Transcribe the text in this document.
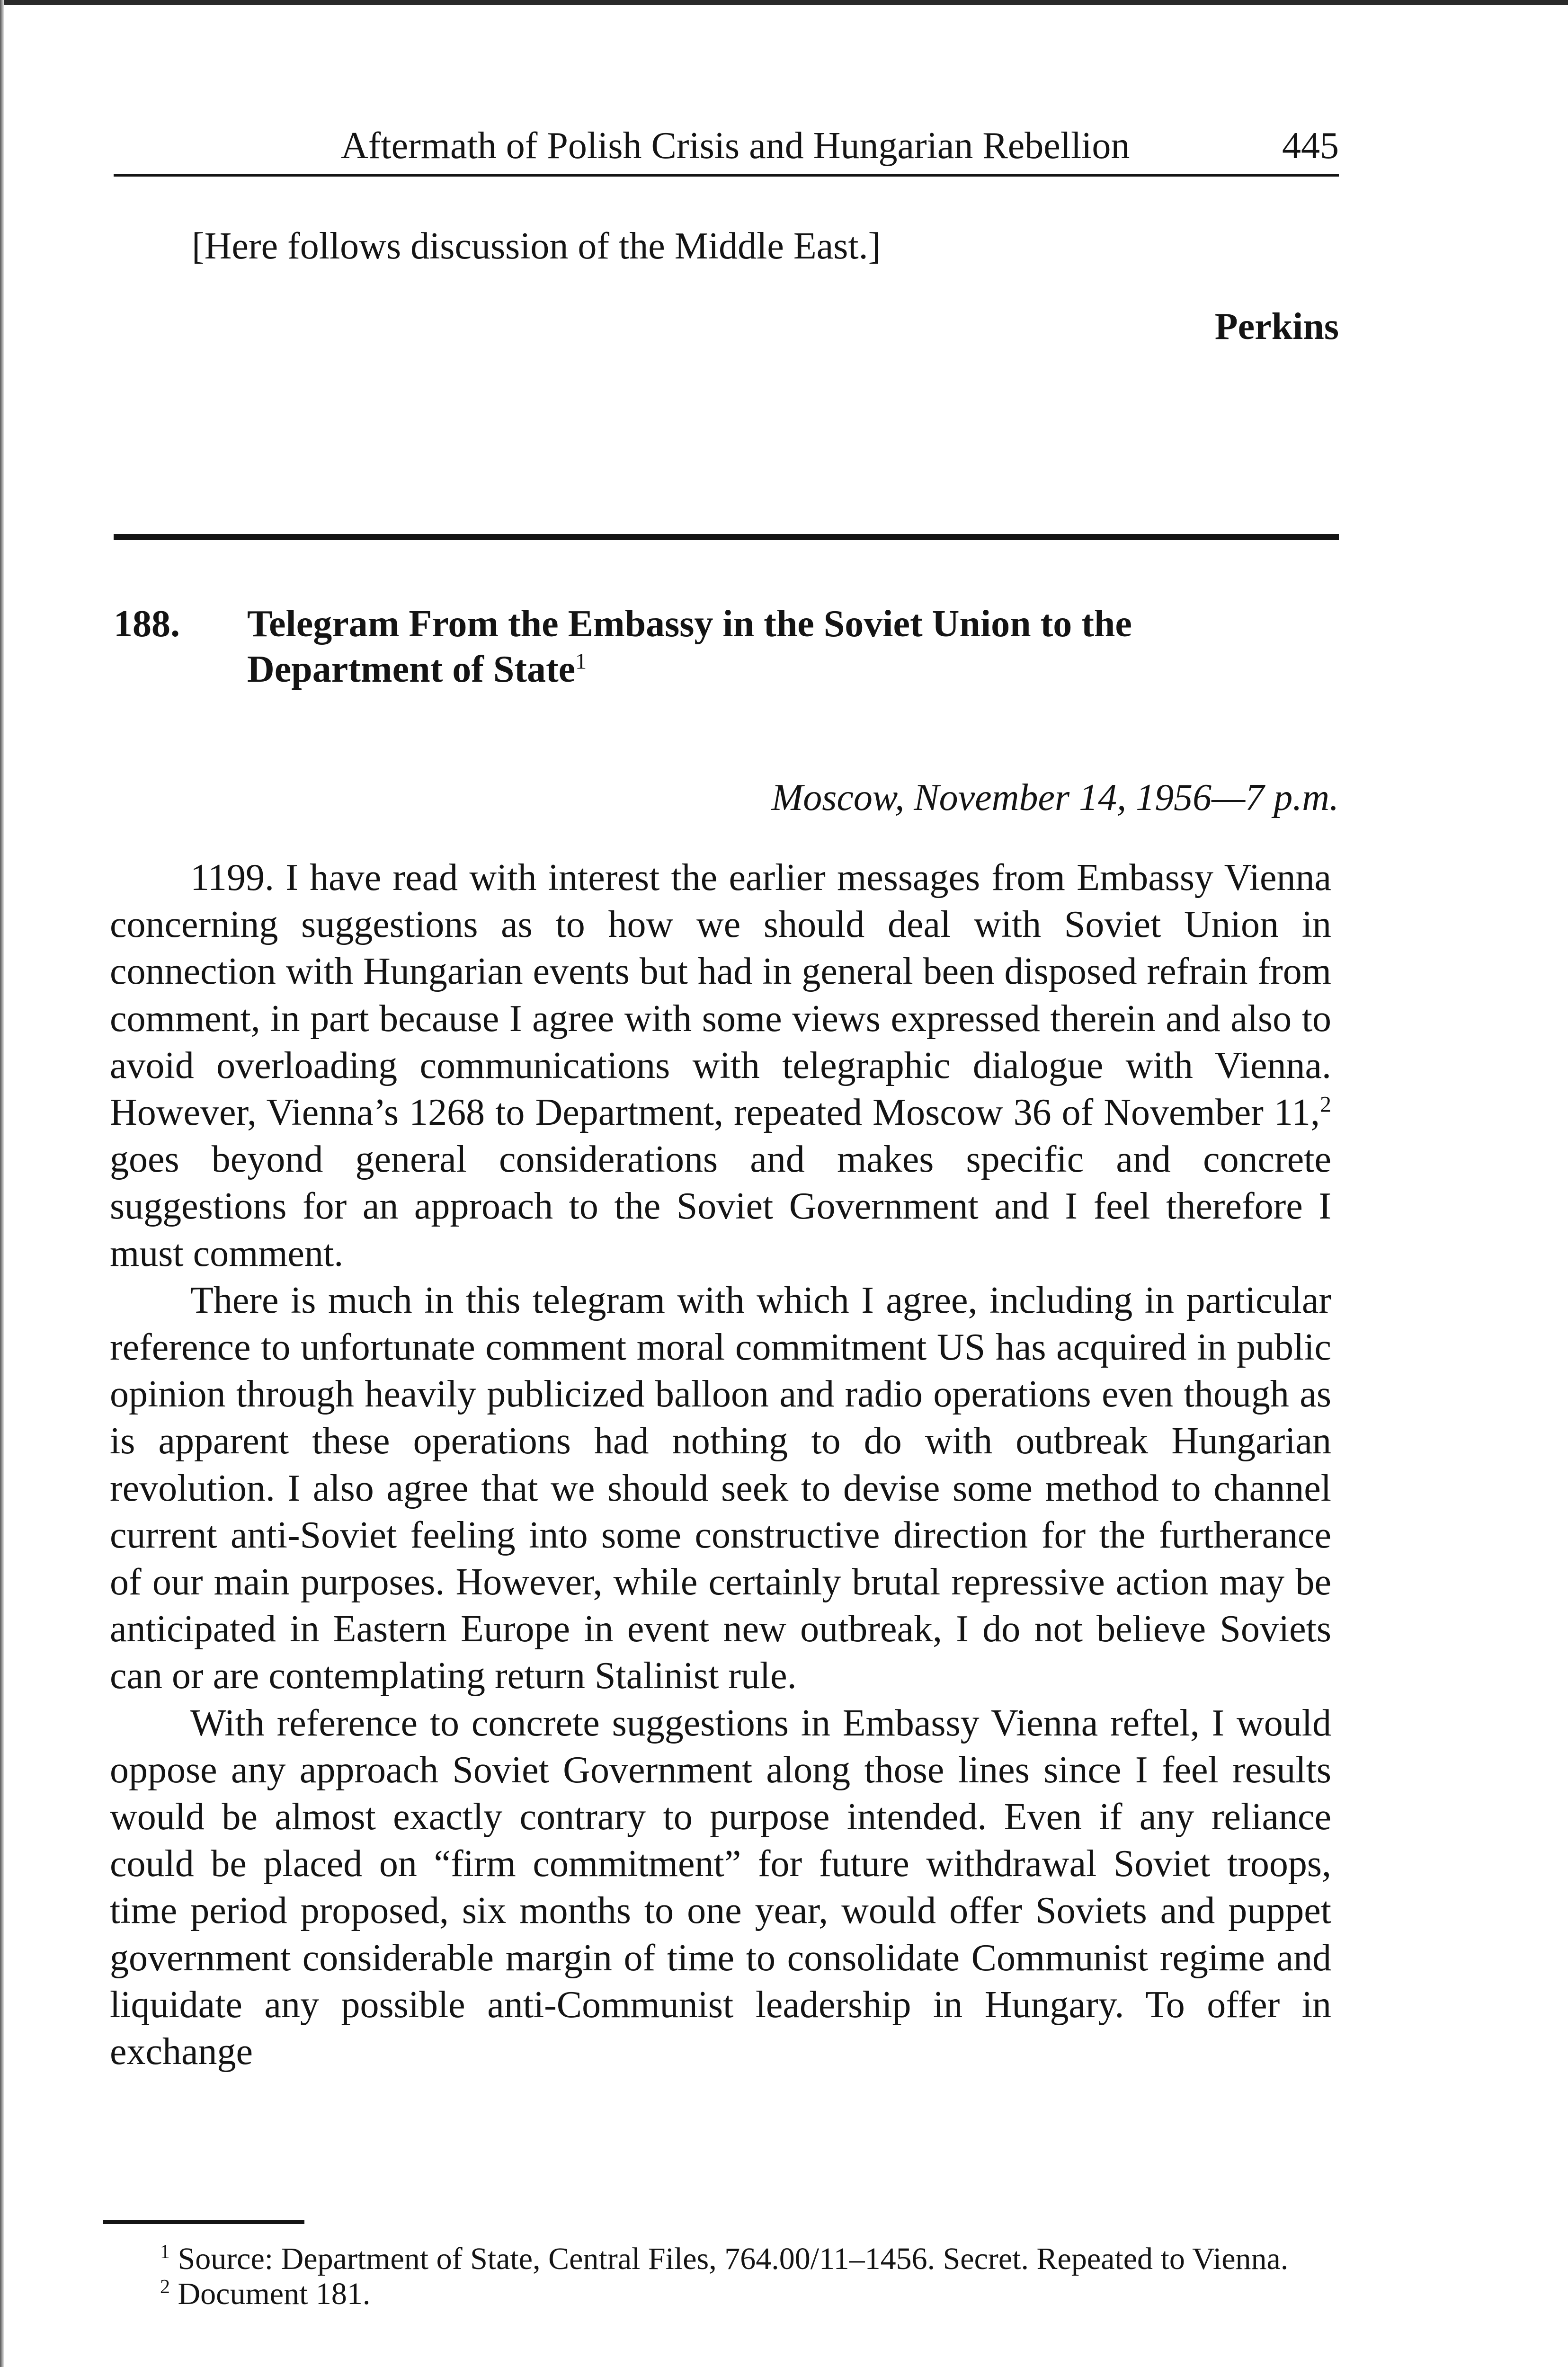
Aftermath of Polish Crisis and Hungarian Rebellion	445
[Here follows discussion of the Middle East.]
Perkins
188. Telegram From the Embassy in the Soviet Union to the Department of State$^1$
Moscow, November 14, 1956—7 p.m.

1199. I have read with interest the earlier messages from Embassy Vienna concerning suggestions as to how we should deal with Soviet Union in connection with Hungarian events but had in general been disposed refrain from comment, in part because I agree with some views expressed therein and also to avoid overloading communications with telegraphic dialogue with Vienna. However, Vienna’s 1268 to Department, repeated Moscow 36 of November 11,$^2$ goes beyond general considerations and makes specific and concrete suggestions for an approach to the Soviet Government and I feel therefore I must comment.

There is much in this telegram with which I agree, including in particular reference to unfortunate comment moral commitment US has acquired in public opinion through heavily publicized balloon and radio operations even though as is apparent these operations had nothing to do with outbreak Hungarian revolution. I also agree that we should seek to devise some method to channel current anti-Soviet feeling into some constructive direction for the furtherance of our main purposes. However, while certainly brutal repressive action may be anticipated in Eastern Europe in event new outbreak, I do not believe Soviets can or are contemplating return Stalinist rule.

With reference to concrete suggestions in Embassy Vienna reftel, I would oppose any approach Soviet Government along those lines since I feel results would be almost exactly contrary to purpose intended. Even if any reliance could be placed on “firm commitment” for future withdrawal Soviet troops, time period proposed, six months to one year, would offer Soviets and puppet government considerable margin of time to consolidate Communist regime and liquidate any possible anti-Communist leadership in Hungary. To offer in exchange

$^1$ Source: Department of State, Central Files, 764.00/11–1456. Secret. Repeated to Vienna.

$^2$ Document 181.
